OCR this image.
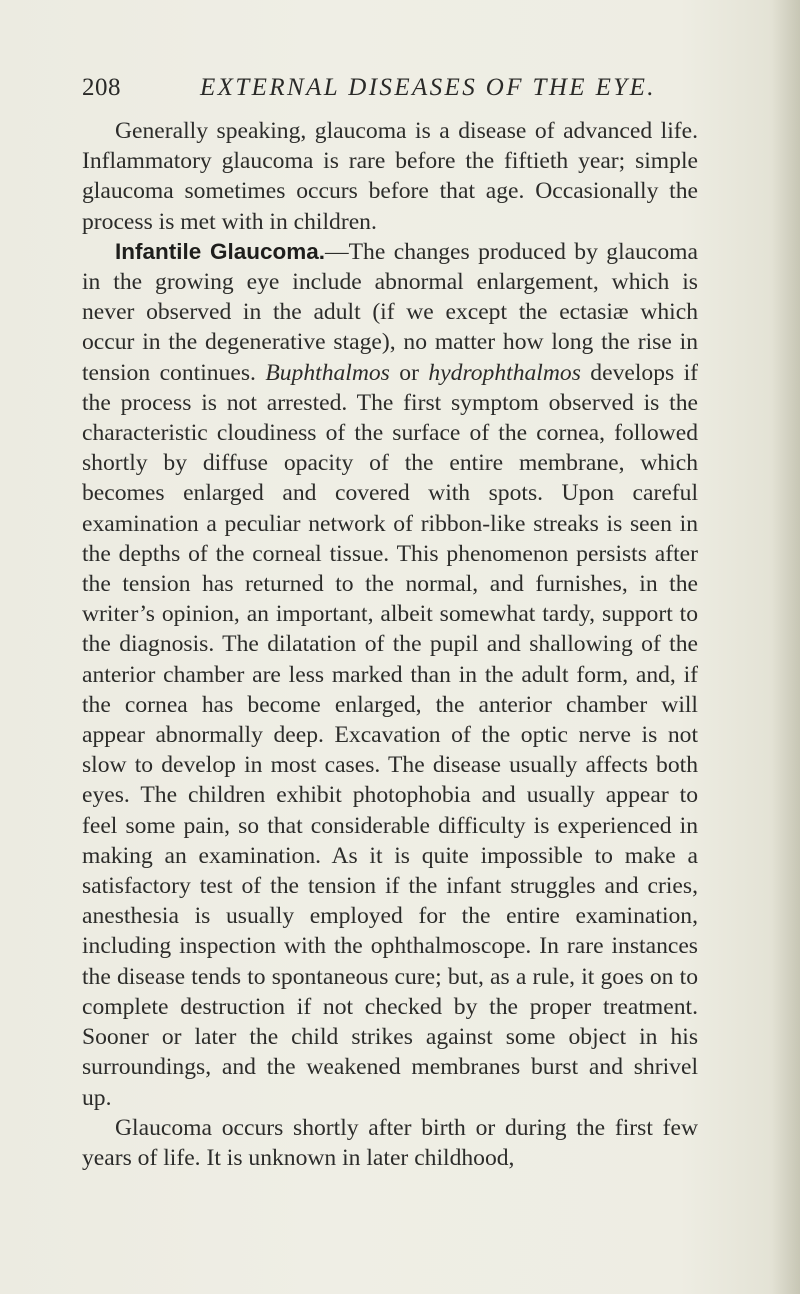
208	EXTERNAL DISEASES OF THE EYE.

Generally speaking, glaucoma is a disease of advanced life. Inflammatory glaucoma is rare before the fiftieth year; simple glaucoma sometimes occurs before that age. Occasionally the process is met with in children.

Infantile Glaucoma.—The changes produced by glaucoma in the growing eye include abnormal enlargement, which is never observed in the adult (if we except the ectasiæ which occur in the degenerative stage), no matter how long the rise in tension continues. Buphthalmos or hydrophthalmos develops if the process is not arrested. The first symptom observed is the characteristic cloudiness of the surface of the cornea, followed shortly by diffuse opacity of the entire membrane, which becomes enlarged and covered with spots. Upon careful examination a peculiar network of ribbon-like streaks is seen in the depths of the corneal tissue. This phenomenon persists after the tension has returned to the normal, and furnishes, in the writer’s opinion, an important, albeit somewhat tardy, support to the diagnosis. The dilatation of the pupil and shallowing of the anterior chamber are less marked than in the adult form, and, if the cornea has become enlarged, the anterior chamber will appear abnormally deep. Excavation of the optic nerve is not slow to develop in most cases. The disease usually affects both eyes. The children exhibit photophobia and usually appear to feel some pain, so that considerable difficulty is experienced in making an examination. As it is quite impossible to make a satisfactory test of the tension if the infant struggles and cries, anesthesia is usually employed for the entire examination, including inspection with the ophthalmoscope. In rare instances the disease tends to spontaneous cure; but, as a rule, it goes on to complete destruction if not checked by the proper treatment. Sooner or later the child strikes against some object in his surroundings, and the weakened membranes burst and shrivel up.

Glaucoma occurs shortly after birth or during the first few years of life. It is unknown in later childhood,
